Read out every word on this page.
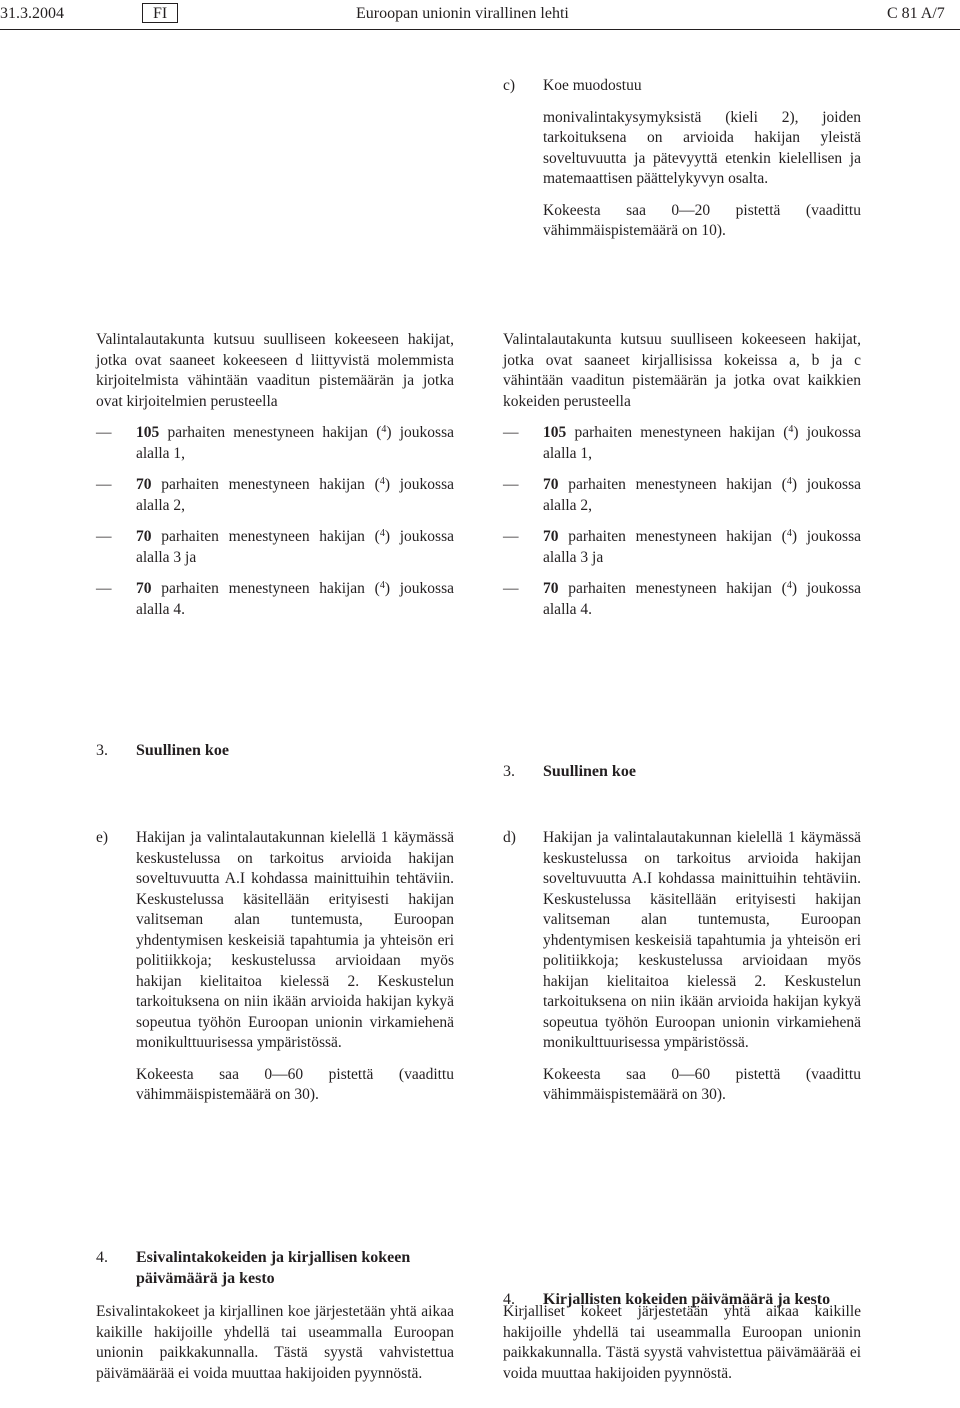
31.3.2004	FI	Euroopan unionin virallinen lehti	C 81 A/7
c) Koe muodostuu

monivalintakysymyksistä (kieli 2), joiden tarkoituksena on arvioida hakijan yleistä soveltuvuutta ja pätevyyttä etenkin kielellisen ja matemaattisen päättelykyvyn osalta.

Kokeesta saa 0—20 pistettä (vaadittu vähimmäispistemäärä on 10).

Valintalautakunta kutsuu suulliseen kokeeseen hakijat, jotka ovat saaneet kokeeseen d liittyvistä molemmista kirjoitelmista vähintään vaaditun pistemäärän ja jotka ovat kirjoitelmien perusteella

— 105 parhaiten menestyneen hakijan ($^4$) joukossa alalla 1,
— 70 parhaiten menestyneen hakijan ($^4$) joukossa alalla 2,
— 70 parhaiten menestyneen hakijan ($^4$) joukossa alalla 3 ja
— 70 parhaiten menestyneen hakijan ($^4$) joukossa alalla 4.

Valintalautakunta kutsuu suulliseen kokeeseen hakijat, jotka ovat saaneet kirjallisissa kokeissa a, b ja c vähintään vaaditun pistemäärän ja jotka ovat kaikkien kokeiden perusteella

— 105 parhaiten menestyneen hakijan ($^4$) joukossa alalla 1,
— 70 parhaiten menestyneen hakijan ($^4$) joukossa alalla 2,
— 70 parhaiten menestyneen hakijan ($^4$) joukossa alalla 3 ja
— 70 parhaiten menestyneen hakijan ($^4$) joukossa alalla 4.
3. Suullinen koe
3. Suullinen koe
e) Hakijan ja valintalautakunnan kielellä 1 käymässä keskustelussa on tarkoitus arvioida hakijan soveltuvuutta A.I kohdassa mainittuihin tehtäviin. Keskustelussa käsitellään erityisesti hakijan valitseman alan tuntemusta, Euroopan yhdentymisen keskeisiä tapahtumia ja yhteisön eri politiikkoja; keskustelussa arvioidaan myös hakijan kielitaitoa kielessä 2. Keskustelun tarkoituksena on niin ikään arvioida hakijan kykyä sopeutua työhön Euroopan unionin virkamiehenä monikulttuurisessa ympäristössä.

Kokeesta saa 0—60 pistettä (vaadittu vähimmäispistemäärä on 30).

d) Hakijan ja valintalautakunnan kielellä 1 käymässä keskustelussa on tarkoitus arvioida hakijan soveltuvuutta A.I kohdassa mainittuihin tehtäviin. Keskustelussa käsitellään erityisesti hakijan valitseman alan tuntemusta, Euroopan yhdentymisen keskeisiä tapahtumia ja yhteisön eri politiikkoja; keskustelussa arvioidaan myös hakijan kielitaitoa kielessä 2. Keskustelun tarkoituksena on niin ikään arvioida hakijan kykyä sopeutua työhön Euroopan unionin virkamiehenä monikulttuurisessa ympäristössä.

Kokeesta saa 0—60 pistettä (vaadittu vähimmäispistemäärä on 30).

4. Esivalintakokeiden ja kirjallisen kokeen päivämäärä ja kesto
4. Kirjallisten kokeiden päivämäärä ja kesto

Esivalintakokeet ja kirjallinen koe järjestetään yhtä aikaa kaikille hakijoille yhdellä tai useammalla Euroopan unionin paikkakunnalla. Tästä syystä vahvistettua päivämäärää ei voida muuttaa hakijoiden pyynnöstä.

Kirjalliset kokeet järjestetään yhtä aikaa kaikille hakijoille yhdellä tai useammalla Euroopan unionin paikkakunnalla. Tästä syystä vahvistettua päivämäärää ei voida muuttaa hakijoiden pyynnöstä.
